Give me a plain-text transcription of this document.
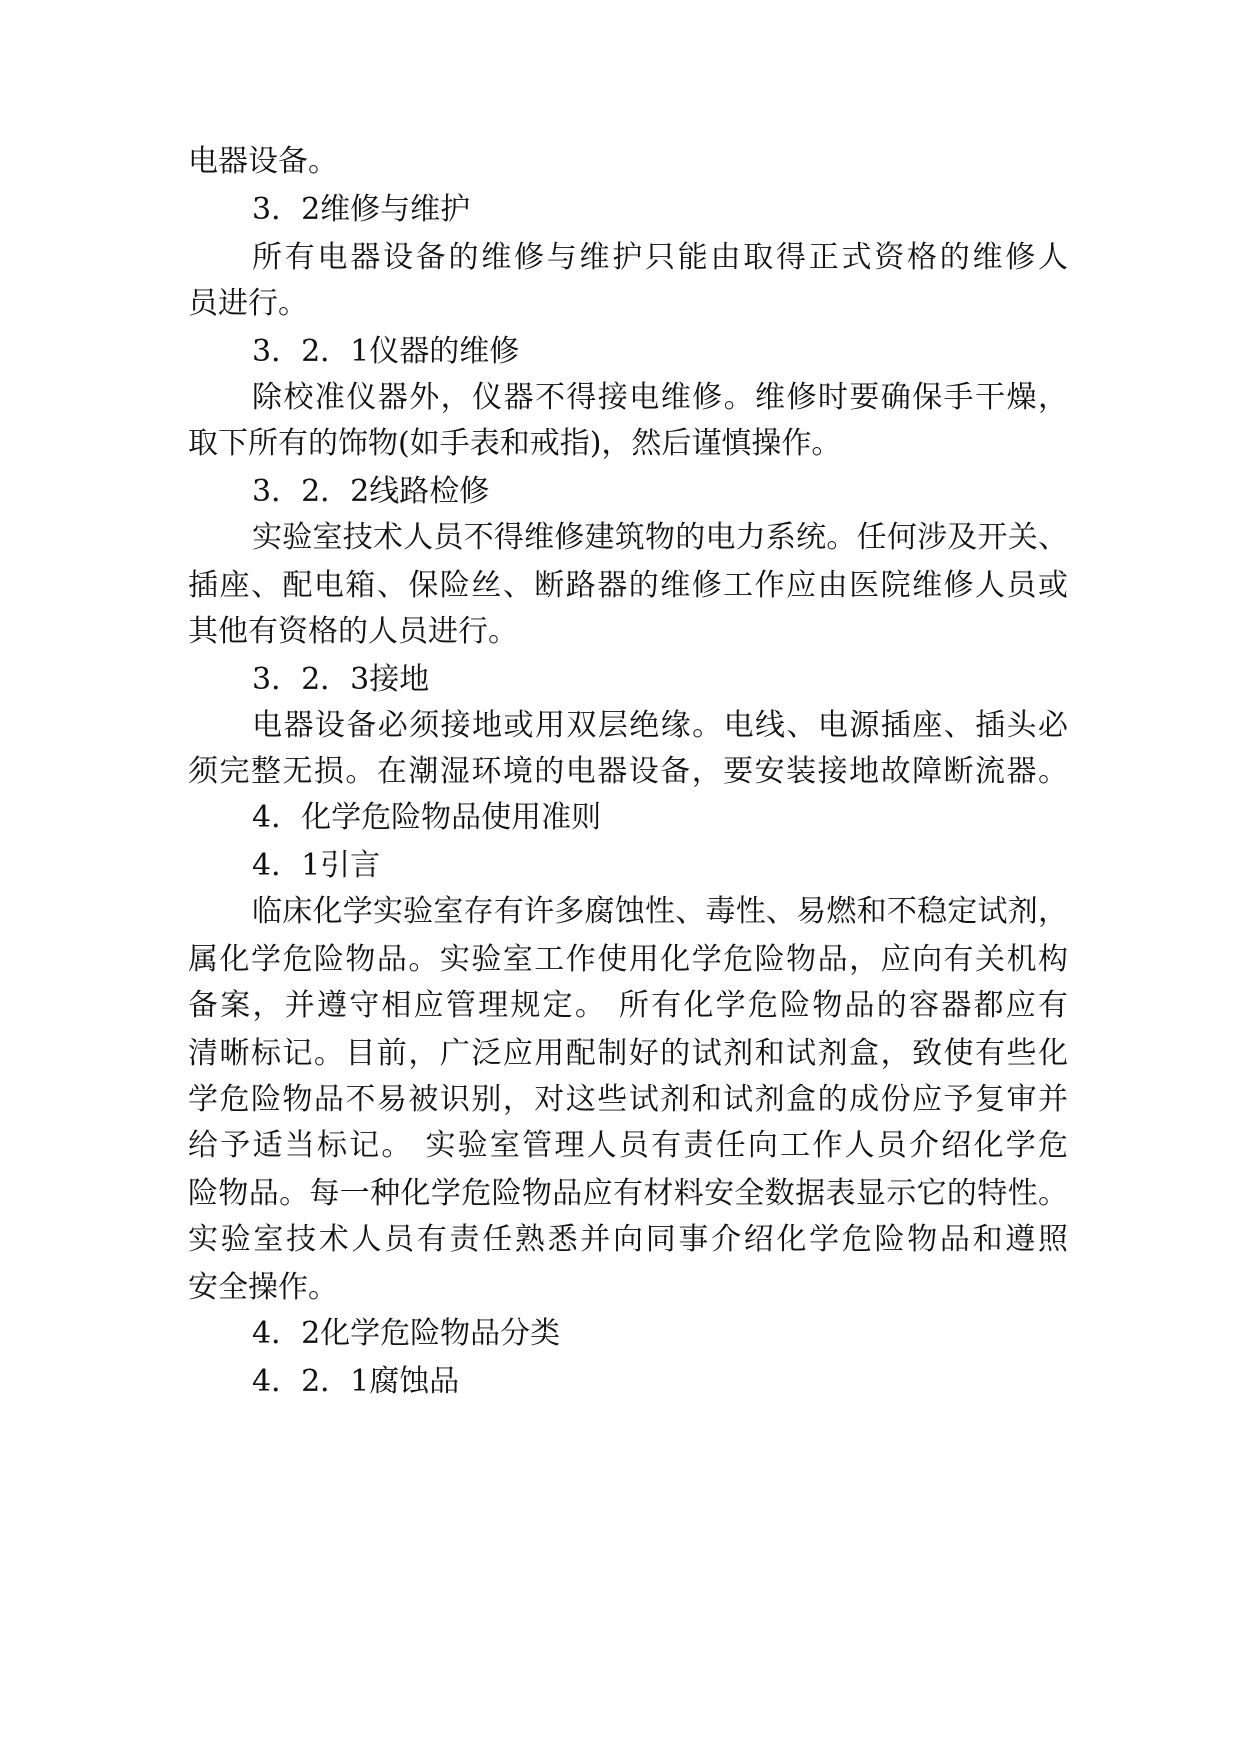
电器设备。
3．2维修与维护
所有电器设备的维修与维护只能由取得正式资格的维修人
员进行。
3．2．1仪器的维修
除校准仪器外，仪器不得接电维修。维修时要确保手干燥，
取下所有的饰物(如手表和戒指)，然后谨慎操作。
3．2．2线路检修
实验室技术人员不得维修建筑物的电力系统。任何涉及开关、
插座、配电箱、保险丝、断路器的维修工作应由医院维修人员或
其他有资格的人员进行。
3．2．3接地
电器设备必须接地或用双层绝缘。电线、电源插座、插头必
须完整无损。在潮湿环境的电器设备，要安装接地故障断流器。
4．化学危险物品使用准则
4．1引言
临床化学实验室存有许多腐蚀性、毒性、易燃和不稳定试剂，
属化学危险物品。实验室工作使用化学危险物品，应向有关机构
备案，并遵守相应管理规定。 所有化学危险物品的容器都应有
清晰标记。目前，广泛应用配制好的试剂和试剂盒，致使有些化
学危险物品不易被识别，对这些试剂和试剂盒的成份应予复审并
给予适当标记。 实验室管理人员有责任向工作人员介绍化学危
险物品。每一种化学危险物品应有材料安全数据表显示它的特性。
实验室技术人员有责任熟悉并向同事介绍化学危险物品和遵照
安全操作。
4．2化学危险物品分类
4．2．1腐蚀品
